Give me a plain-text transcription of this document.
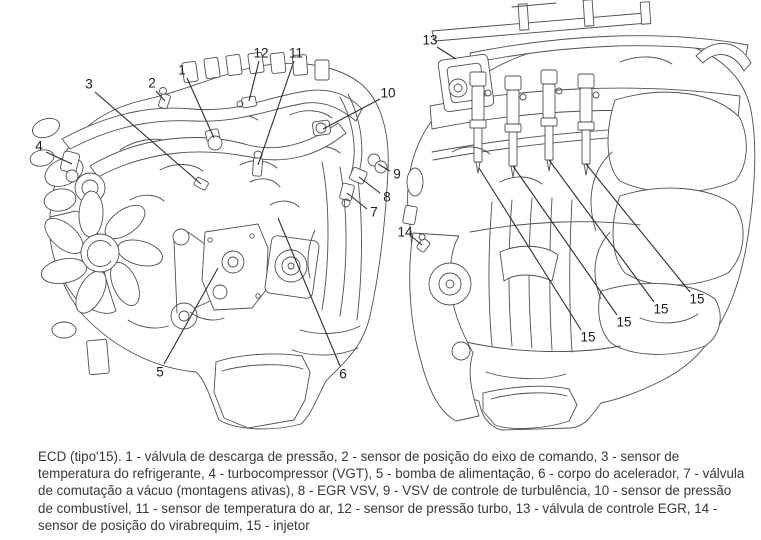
1
2
3
4
5	6
7
8
9
10
11
12
13
14
15
15
15
15
ECD (tipo'15). 1 - válvula de descarga de pressão, 2 - sensor de posição do eixo de comando, 3 - sensor de
temperatura do refrigerante, 4 - turbocompressor (VGT), 5 - bomba de alimentação, 6 - corpo do acelerador, 7 - válvula
de comutação a vácuo (montagens ativas), 8 - EGR VSV, 9 - VSV de controle de turbulência, 10 - sensor de pressão
de combustível, 11 - sensor de temperatura do ar, 12 - sensor de pressão turbo, 13 - válvula de controle EGR, 14 -
sensor de posição do virabrequim, 15 - injetor
